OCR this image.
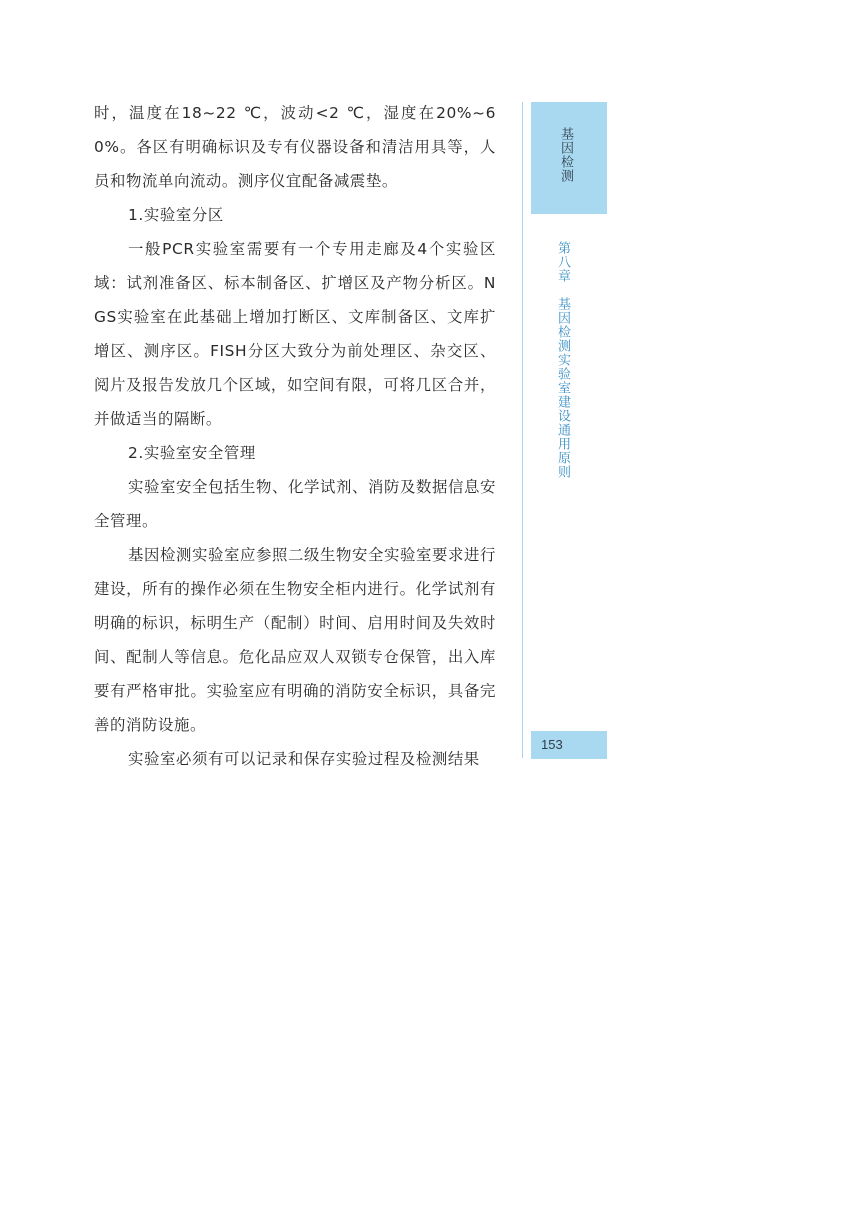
时，温度在18~22 ℃，波动<2 ℃，湿度在20%~60%。各区有明确标识及专有仪器设备和清洁用具等，人员和物流单向流动。测序仪宜配备减震垫。

1.实验室分区

一般PCR实验室需要有一个专用走廊及4个实验区域：试剂准备区、标本制备区、扩增区及产物分析区。NGS实验室在此基础上增加打断区、文库制备区、文库扩增区、测序区。FISH分区大致分为前处理区、杂交区、阅片及报告发放几个区域，如空间有限，可将几区合并，并做适当的隔断。

2.实验室安全管理

实验室安全包括生物、化学试剂、消防及数据信息安全管理。

基因检测实验室应参照二级生物安全实验室要求进行建设，所有的操作必须在生物安全柜内进行。化学试剂有明确的标识，标明生产（配制）时间、启用时间及失效时间、配制人等信息。危化品应双人双锁专仓保管，出入库要有严格审批。实验室应有明确的消防安全标识，具备完善的消防设施。

实验室必须有可以记录和保存实验过程及检测结果

基因检测
第八章　基因检测实验室建设通用原则
153
